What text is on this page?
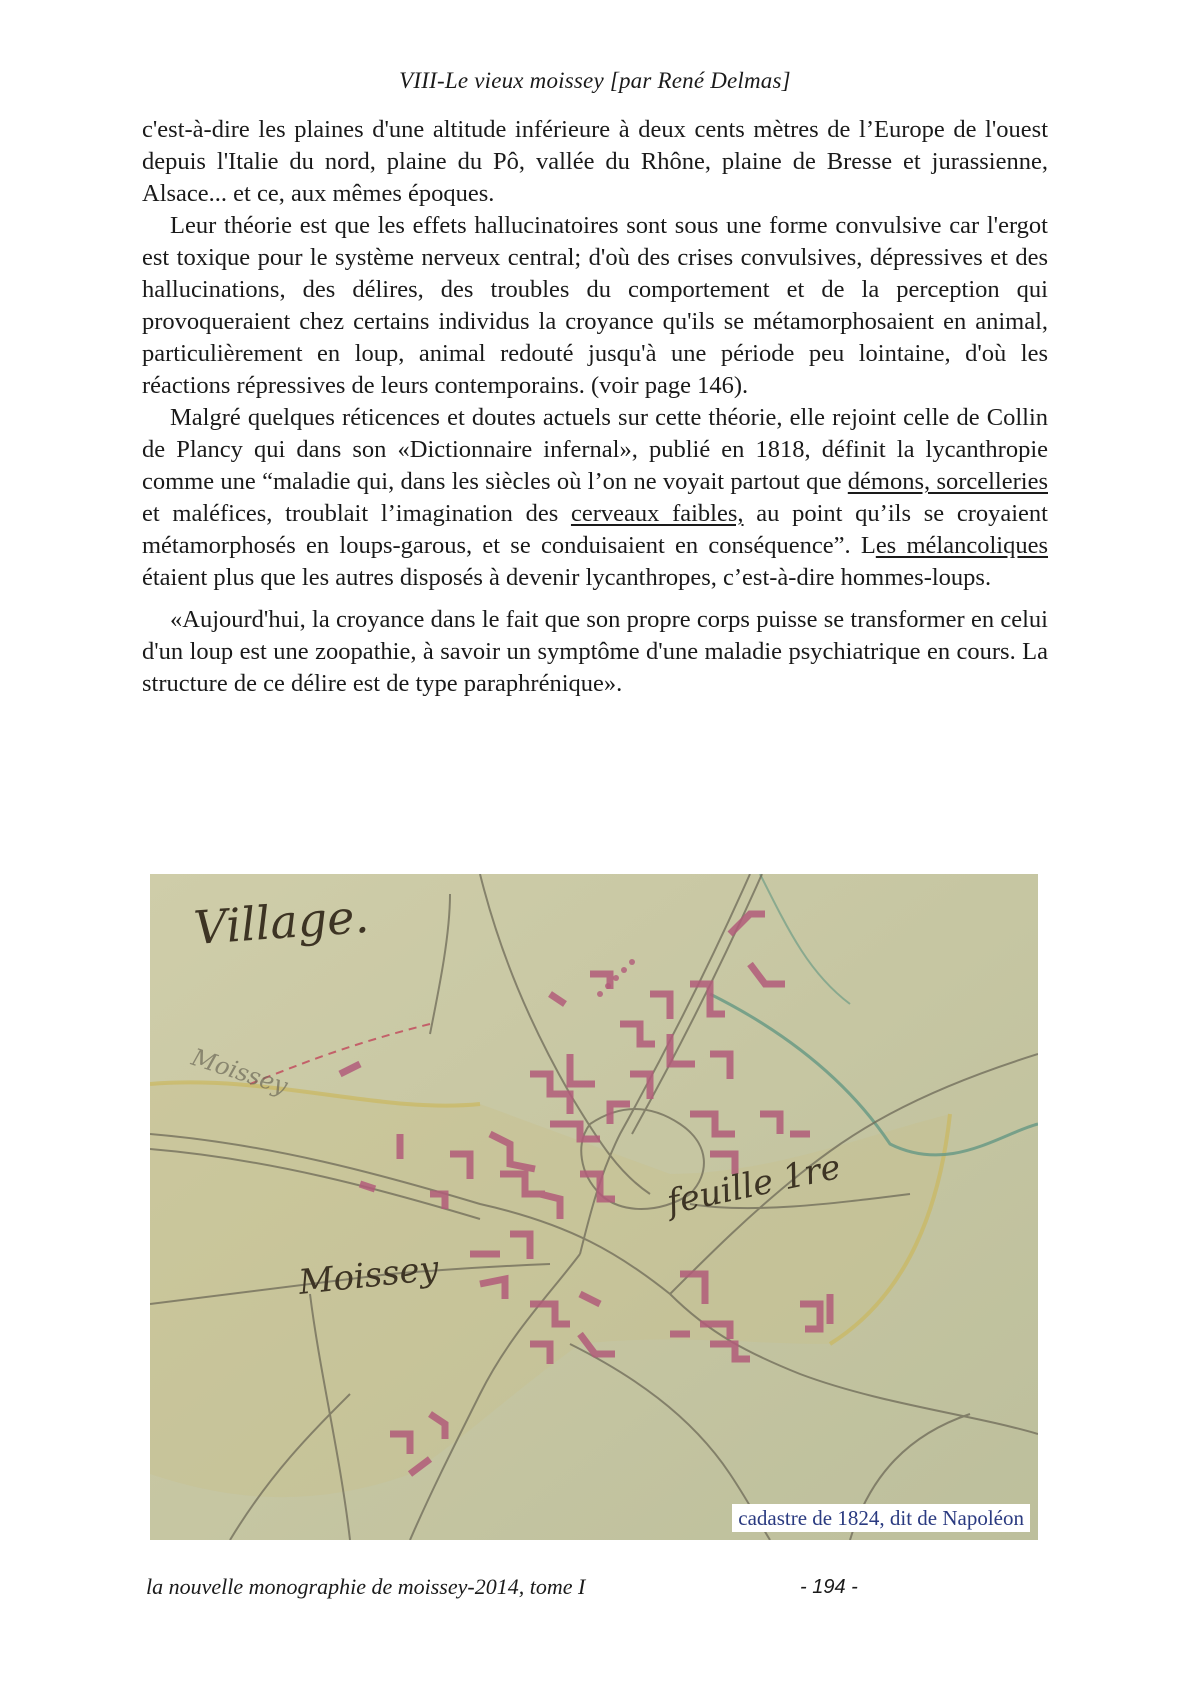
VIII-Le vieux moissey [par René Delmas]

c'est-à-dire les plaines d'une altitude inférieure à deux cents mètres de l’Europe de l'ouest depuis l'Italie du nord, plaine du Pô, vallée du Rhône, plaine de Bresse et jurassienne, Alsace... et ce, aux mêmes époques.

Leur théorie est que les effets hallucinatoires sont sous une forme convulsive car l'ergot est toxique pour le système nerveux central; d'où des crises convulsives, dépressives et des hallucinations, des délires, des troubles du comportement et de la perception qui provoqueraient chez certains individus la croyance qu'ils se métamorphosaient en animal, particulièrement en loup, animal redouté jusqu'à une période peu lointaine, d'où les réactions répressives de leurs contemporains. (voir page 146).

Malgré quelques réticences et doutes actuels sur cette théorie, elle rejoint celle de Collin de Plancy qui dans son «Dictionnaire infernal», publié en 1818, définit la lycanthropie comme une “maladie qui, dans les siècles où l’on ne voyait partout que démons, sorcelleries et maléfices, troublait l’imagination des cerveaux faibles, au point qu’ils se croyaient métamorphosés en loups-garous, et se conduisaient en conséquence”. Les mélancoliques étaient plus que les autres disposés à devenir lycanthropes, c’est-à-dire hommes-loups.

«Aujourd'hui, la croyance dans le fait que son propre corps puisse se transformer en celui d'un loup est une zoopathie, à savoir un symptôme d'une maladie psychiatrique en cours. La structure de ce délire est de type paraphrénique».

Village.
Moissey
Moissey
feuille 1re
cadastre de 1824, dit de Napoléon
la nouvelle monographie de moissey-2014, tome I	- 194 -
